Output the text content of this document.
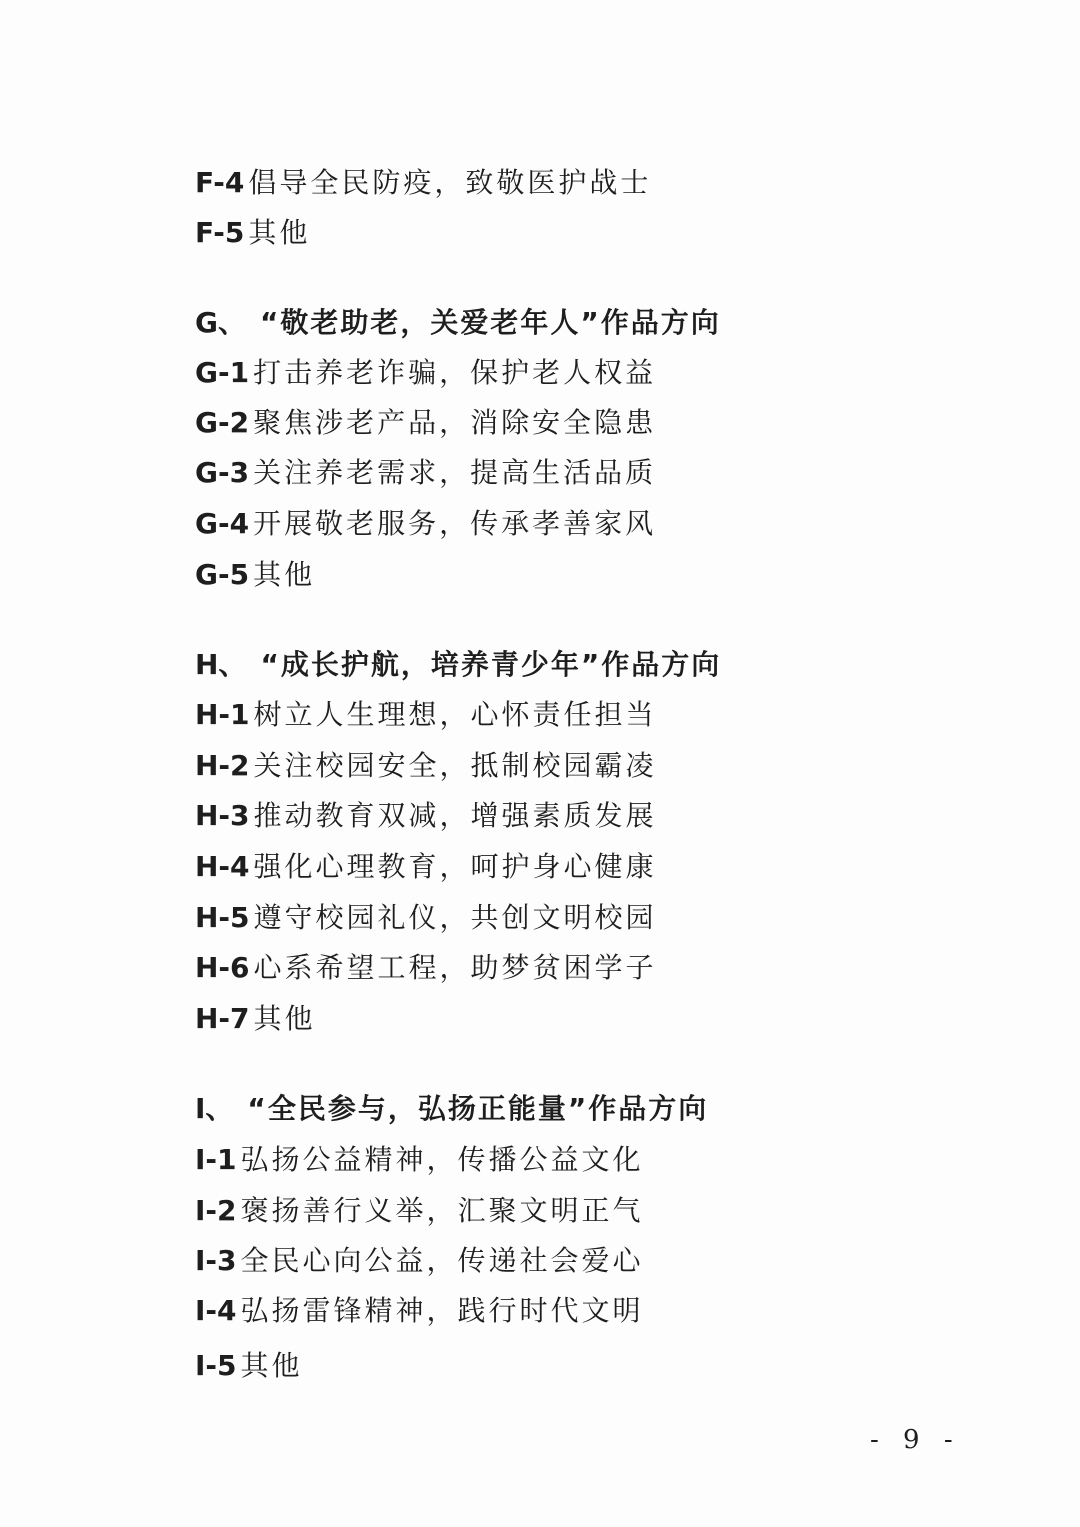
F-4 倡导全民防疫，致敬医护战士
F-5 其他
G、 “敬老助老，关爱老年人”作品方向
G-1 打击养老诈骗，保护老人权益
G-2 聚焦涉老产品，消除安全隐患
G-3 关注养老需求，提高生活品质
G-4 开展敬老服务，传承孝善家风
G-5 其他
H、 “成长护航，培养青少年”作品方向
H-1 树立人生理想，心怀责任担当
H-2 关注校园安全，抵制校园霸凌
H-3 推动教育双减，增强素质发展
H-4 强化心理教育，呵护身心健康
H-5 遵守校园礼仪，共创文明校园
H-6 心系希望工程，助梦贫困学子
H-7 其他
I、 “全民参与，弘扬正能量”作品方向
I-1 弘扬公益精神，传播公益文化
I-2 褒扬善行义举，汇聚文明正气
I-3 全民心向公益，传递社会爱心
I-4 弘扬雷锋精神，践行时代文明
I-5 其他
- 9 -
